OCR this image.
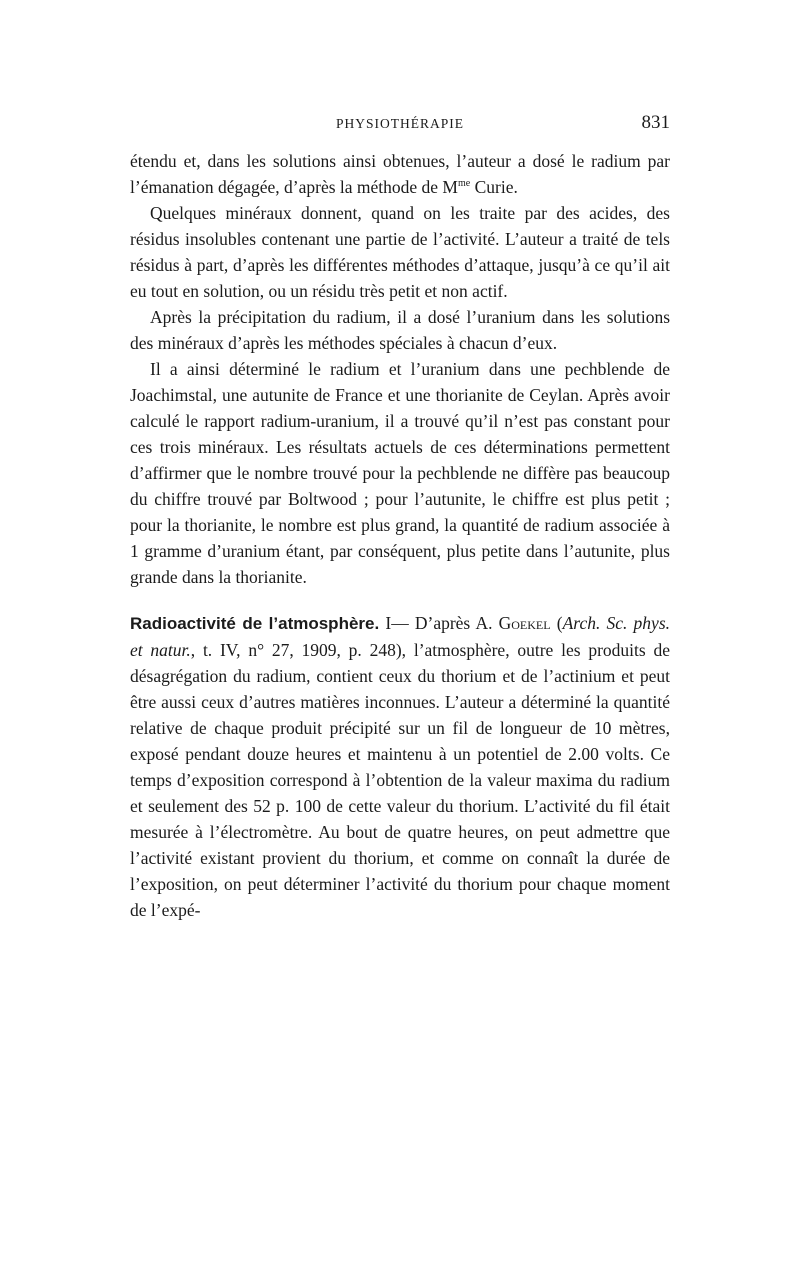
PHYSIOTHÉRAPIE	831

étendu et, dans les solutions ainsi obtenues, l’auteur a dosé le radium par l’émanation dégagée, d’après la méthode de $M^{me}$ Curie.

Quelques minéraux donnent, quand on les traite par des acides, des résidus insolubles contenant une partie de l’activité. L’auteur a traité de tels résidus à part, d’après les différentes méthodes d’attaque, jusqu’à ce qu’il ait eu tout en solution, ou un résidu très petit et non actif.

Après la précipitation du radium, il a dosé l’uranium dans les solutions des minéraux d’après les méthodes spéciales à chacun d’eux.

Il a ainsi déterminé le radium et l’uranium dans une pechblende de Joachimstal, une autunite de France et une thorianite de Ceylan. Après avoir calculé le rapport radium-uranium, il a trouvé qu’il n’est pas constant pour ces trois minéraux. Les résultats actuels de ces déterminations permettent d’affirmer que le nombre trouvé pour la pechblende ne diffère pas beaucoup du chiffre trouvé par Boltwood ; pour l’autunite, le chiffre est plus petit ; pour la thorianite, le nombre est plus grand, la quantité de radium associée à 1 gramme d’uranium étant, par conséquent, plus petite dans l’autunite, plus grande dans la thorianite.

Radioactivité de l’atmosphère. I— D’après A. Goekel (Arch. Sc. phys. et natur., t. IV, n° 27, 1909, p. 248), l’atmosphère, outre les produits de désagrégation du radium, contient ceux du thorium et de l’actinium et peut être aussi ceux d’autres matières inconnues. L’auteur a déterminé la quantité relative de chaque produit précipité sur un fil de longueur de 10 mètres, exposé pendant douze heures et maintenu à un potentiel de 2.00 volts. Ce temps d’exposition correspond à l’obtention de la valeur maxima du radium et seulement des 52 p. 100 de cette valeur du thorium. L’activité du fil était mesurée à l’électromètre. Au bout de quatre heures, on peut admettre que l’activité existant provient du thorium, et comme on connaît la durée de l’exposition, on peut déterminer l’activité du thorium pour chaque moment de l’expé-
